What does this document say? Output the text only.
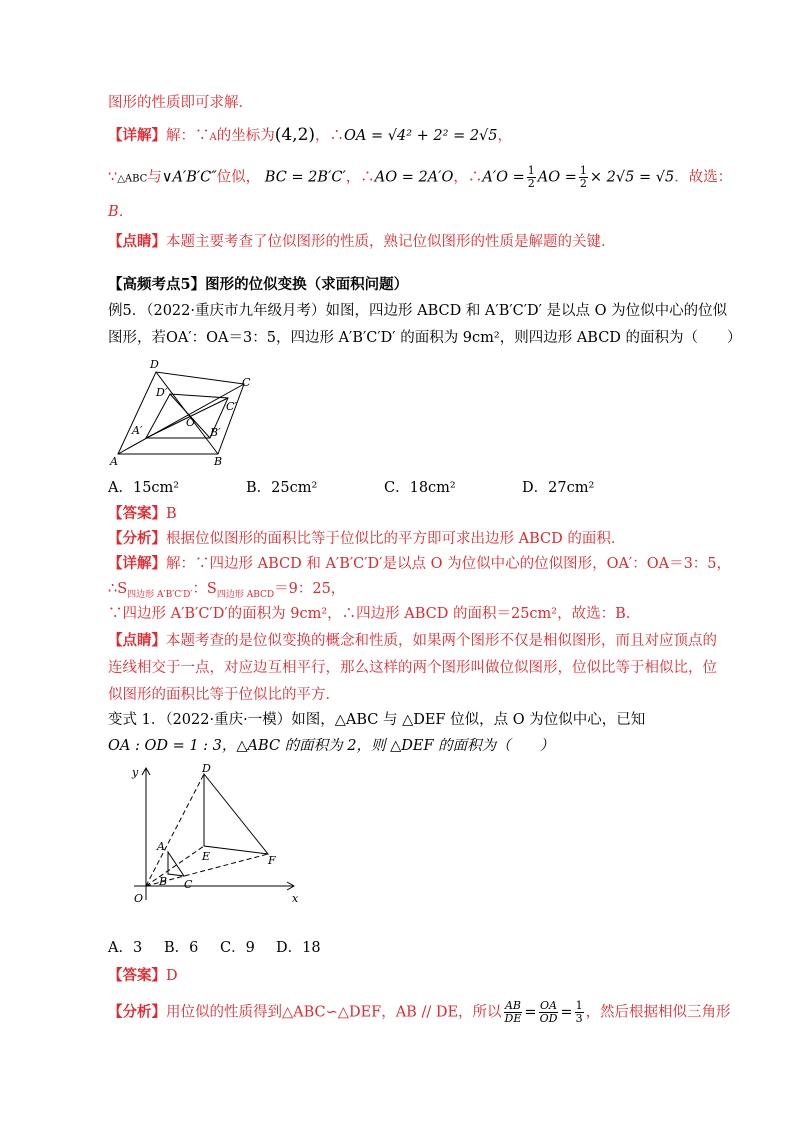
图形的性质即可求解．
【详解】解：∵A的坐标为(4,2)，∴OA = √4² + 2² = 2√5，
∵△ABC与∨A′B′C″位似， BC = 2B′C′，∴AO = 2A′O，∴A′O = $\frac{1}{2}$ AO = $\frac{1}{2} \times 2√5 = √5$．故选：
B．
【点睛】本题主要考查了位似图形的性质，熟记位似图形的性质是解题的关键．
【高频考点5】图形的位似变换（求面积问题）
例5．（2022·重庆市九年级月考）如图，四边形 ABCD 和 A′B′C′D′ 是以点 O 为位似中心的位似
图形，若OA′：OA＝3：5，四边形 A′B′C′D′ 的面积为 9cm²，则四边形 ABCD 的面积为（　　）
A	B
C
D
A′	B′
C′
D′
O
A．15cm²	B．25cm²	C．18cm²	D．27cm²
【答案】B
【分析】根据位似图形的面积比等于位似比的平方即可求出边形 ABCD 的面积．
【详解】解：∵四边形 ABCD 和 A′B′C′D′是以点 O 为位似中心的位似图形，OA′：OA＝3：5，
$\therefore S_{四边形 A'B'C'D'}$：$S_{四边形 ABCD}=9$：25，
∵四边形 A′B′C′D′的面积为 9cm²，∴四边形 ABCD 的面积＝25cm²，故选：B．
【点睛】本题考查的是位似变换的概念和性质，如果两个图形不仅是相似图形，而且对应顶点的
连线相交于一点，对应边互相平行，那么这样的两个图形叫做位似图形，位似比等于相似比，位
似图形的面积比等于位似比的平方．
变式 1．（2022·重庆·一模）如图，△ABC 与 △DEF 位似，点 O 为位似中心，已知
OA : OD = 1 : 3，△ABC 的面积为 2，则 △DEF 的面积为（　　）
y
x
O
A
B C
D
E	F
A．3 B．6 C．9 D．18
【答案】D
【分析】用位似的性质得到△ABC∽△DEF，AB // DE，所以 $\frac{AB}{DE} = \frac{OA}{OD} = \frac{1}{3}$ ，然后根据相似三角形
